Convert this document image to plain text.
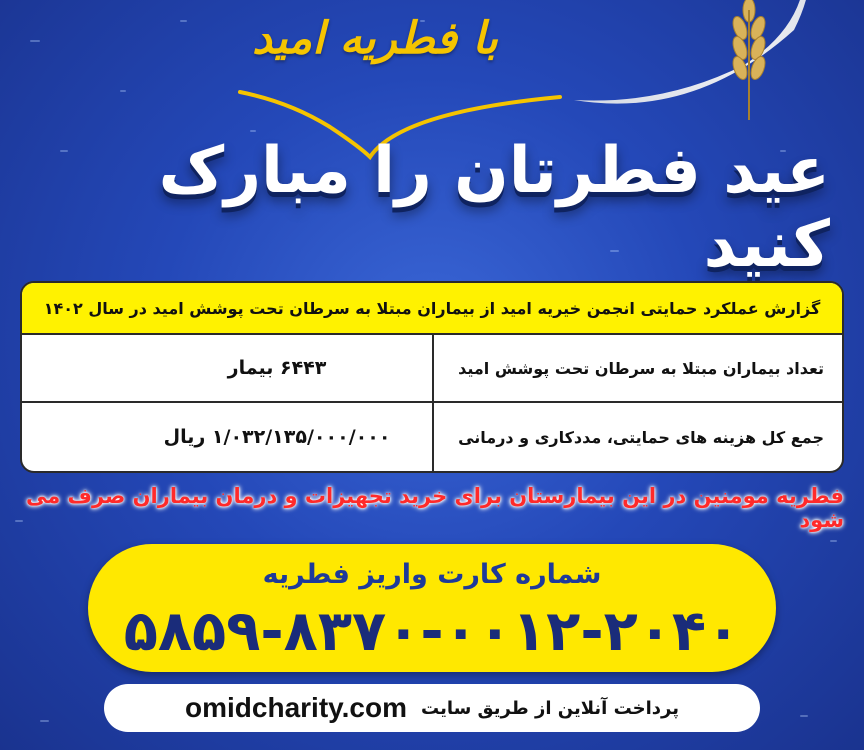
با فطریه امید
عید فطرتان را مبارک کنید
گزارش عملکرد حمایتی انجمن خیریه امید از بیماران مبتلا به سرطان تحت پوشش امید در سال ۱۴۰۲
تعداد بیماران مبتلا به سرطان تحت پوشش امید
۶۴۴۳ بیمار
جمع کل هزینه های حمایتی، مددکاری و درمانی
۱/۰۳۲/۱۳۵/۰۰۰/۰۰۰ ریال
فطریه مومنین در این بیمارستان برای خرید تجهیزات و درمان بیماران صرف می شود
شماره کارت واریز فطریه
۵۸۵۹-۸۳۷۰-۰۰۱۲-۲۰۴۰
پرداخت آنلاین از طریق سایت
omidcharity.com
